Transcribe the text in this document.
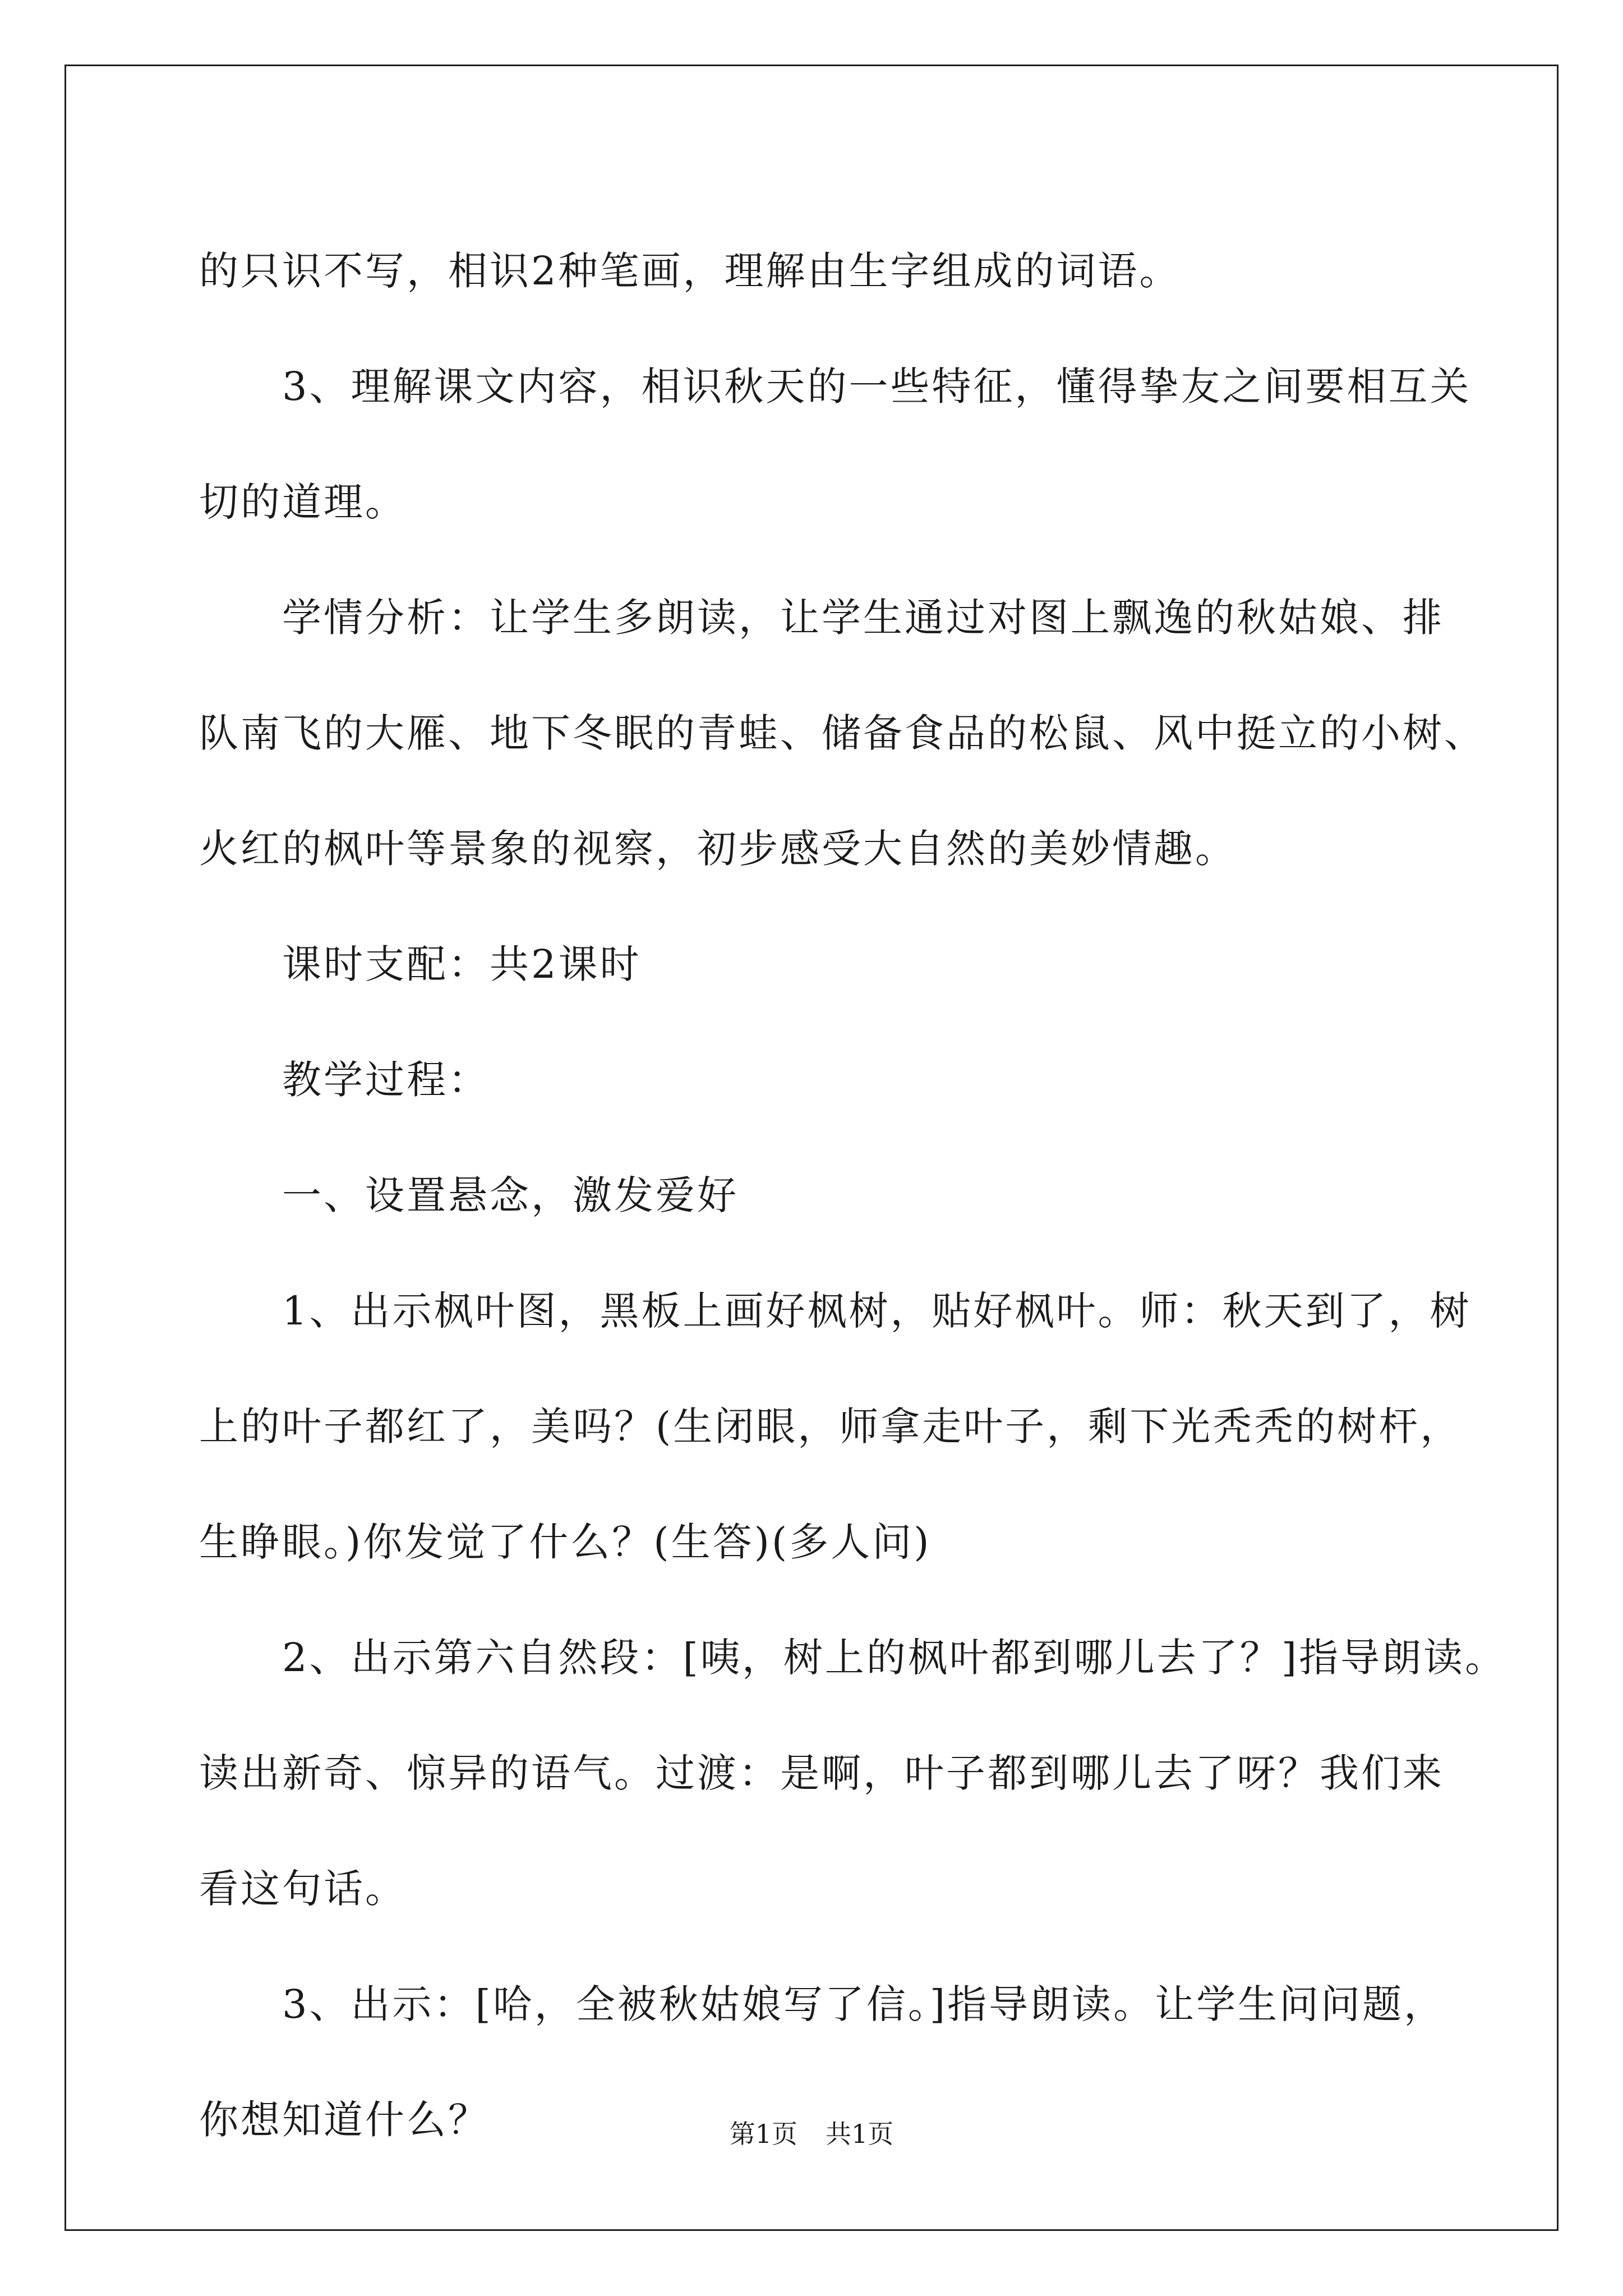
的只识不写，相识2种笔画，理解由生字组成的词语。

　　3、理解课文内容，相识秋天的一些特征，懂得挚友之间要相互关

切的道理。

　　学情分析：让学生多朗读，让学生通过对图上飘逸的秋姑娘、排

队南飞的大雁、地下冬眠的青蛙、储备食品的松鼠、风中挺立的小树、

火红的枫叶等景象的视察，初步感受大自然的美妙情趣。

　　课时支配：共2课时

　　教学过程：

　　一、设置悬念，激发爱好

　　1、出示枫叶图，黑板上画好枫树，贴好枫叶。师：秋天到了，树

上的叶子都红了，美吗？(生闭眼，师拿走叶子，剩下光秃秃的树杆，

生睁眼。)你发觉了什么？(生答)(多人问)

　　2、出示第六自然段：[咦，树上的枫叶都到哪儿去了？]指导朗读。

读出新奇、惊异的语气。过渡：是啊，叶子都到哪儿去了呀？我们来

看这句话。

　　3、出示：[哈，全被秋姑娘写了信。]指导朗读。让学生问问题，

你想知道什么？	第1页 共1页
